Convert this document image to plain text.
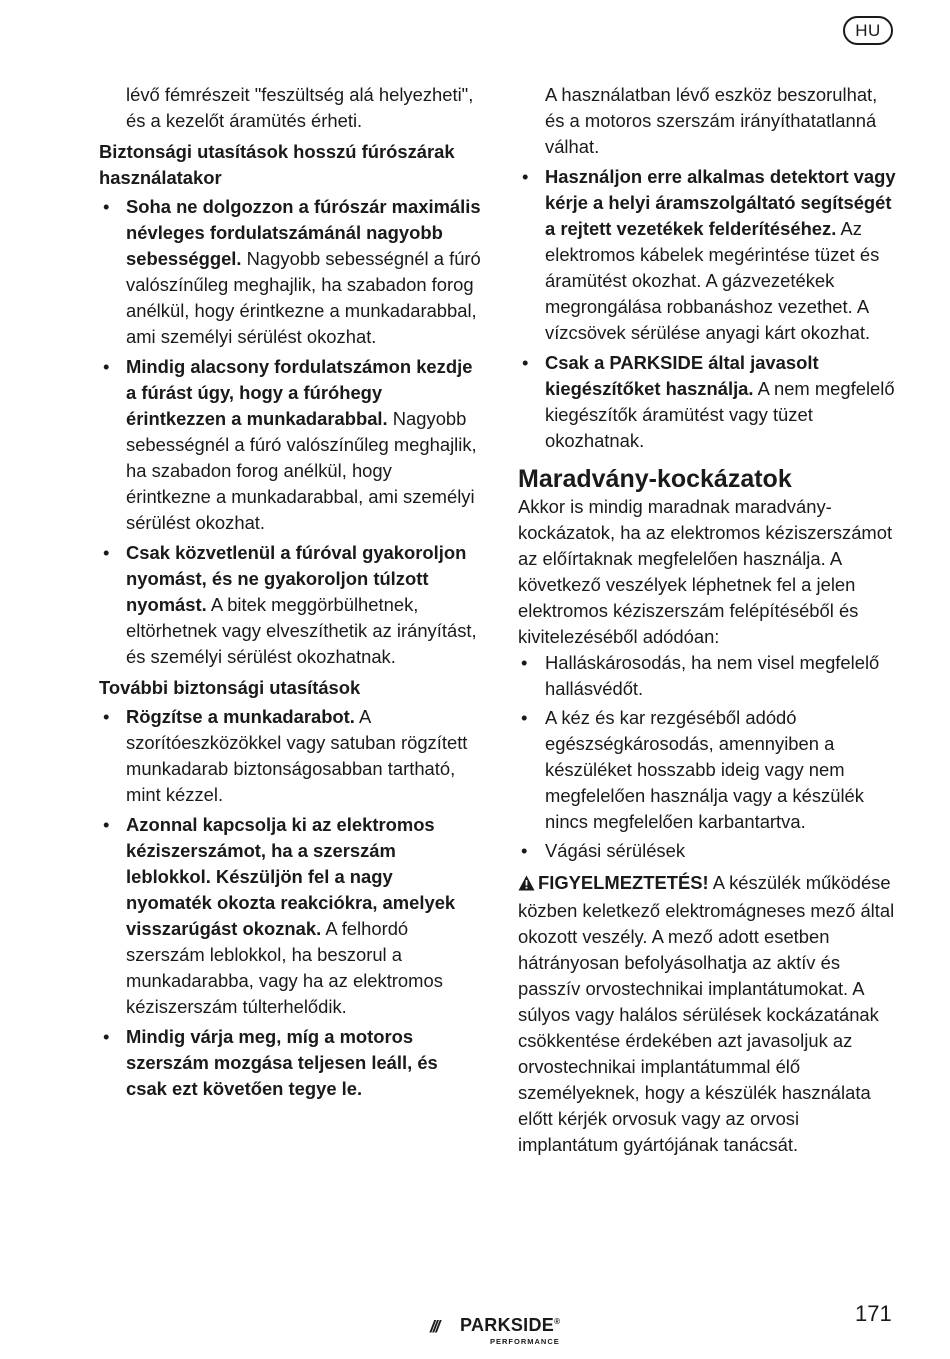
HU

lévő fémrészeit "feszültség alá helyezheti", és a kezelőt áramütés érheti.

Biztonsági utasítások hosszú fúrószárak használatakor

• Soha ne dolgozzon a fúrószár maximális névleges fordulatszámánál nagyobb sebességgel. Nagyobb sebességnél a fúró valószínűleg meghajlik, ha szabadon forog anélkül, hogy érintkezne a munkadarabbal, ami személyi sérülést okozhat.
• Mindig alacsony fordulatszámon kezdje a fúrást úgy, hogy a fúróhegy érintkezzen a munkadarabbal. Nagyobb sebességnél a fúró valószínűleg meghajlik, ha szabadon forog anélkül, hogy érintkezne a munkadarabbal, ami személyi sérülést okozhat.
• Csak közvetlenül a fúróval gyakoroljon nyomást, és ne gyakoroljon túlzott nyomást. A bitek meggörbülhetnek, eltörhetnek vagy elveszíthetik az irányítást, és személyi sérülést okozhatnak.

További biztonsági utasítások

• Rögzítse a munkadarabot. A szorítóeszközökkel vagy satuban rögzített munkadarab biztonságosabban tartható, mint kézzel.
• Azonnal kapcsolja ki az elektromos kéziszerszámot, ha a szerszám leblokkol. Készüljön fel a nagy nyomaték okozta reakciókra, amelyek visszarúgást okoznak. A felhordó szerszám leblokkol, ha beszorul a munkadarabba, vagy ha az elektromos kéziszerszám túlterhelődik.
• Mindig várja meg, míg a motoros szerszám mozgása teljesen leáll, és csak ezt követően tegye le.

A használatban lévő eszköz beszorulhat, és a motoros szerszám irányíthatatlanná válhat.

• Használjon erre alkalmas detektort vagy kérje a helyi áramszolgáltató segítségét a rejtett vezetékek felderítéséhez. Az elektromos kábelek megérintése tüzet és áramütést okozhat. A gázvezetékek megrongálása robbanáshoz vezethet. A vízcsövek sérülése anyagi kárt okozhat.
• Csak a PARKSIDE által javasolt kiegészítőket használja. A nem megfelelő kiegészítők áramütést vagy tüzet okozhatnak.
Maradvány-kockázatok

Akkor is mindig maradnak maradvány-kockázatok, ha az elektromos kéziszerszámot az előírtaknak megfelelően használja. A következő veszélyek léphetnek fel a jelen elektromos kéziszerszám felépítéséből és kivitelezéséből adódóan:

• Halláskárosodás, ha nem visel megfelelő hallásvédőt.
• A kéz és kar rezgéséből adódó egészségkárosodás, amennyiben a készüléket hosszabb ideig vagy nem megfelelően használja vagy a készülék nincs megfelelően karbantartva.
• Vágási sérülések

FIGYELMEZTETÉS! A készülék működése közben keletkező elektromágneses mező által okozott veszély. A mező adott esetben hátrányosan befolyásolhatja az aktív és passzív orvostechnikai implantátumokat. A súlyos vagy halálos sérülések kockázatának csökkentése érdekében azt javasoljuk az orvostechnikai implantátummal élő személyeknek, hogy a készülék használata előtt kérjék orvosuk vagy az orvosi implantátum gyártójának tanácsát.

/// PARKSIDE®
PERFORMANCE
171
